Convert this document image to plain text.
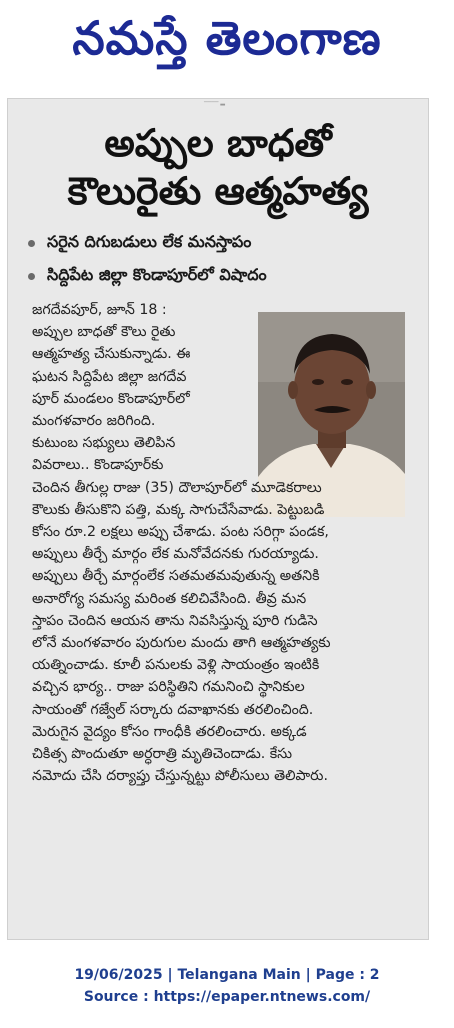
నమస్తే తెలంగాణ
──── ▂
అప్పుల బాధతో
కౌలురైతు ఆత్మహత్య
సరైన దిగుబడులు లేక మనస్తాపం
సిద్దిపేట జిల్లా కొండాపూర్‌లో విషాదం
జగదేవపూర్, జూన్ 18 :
అప్పుల బాధతో కౌలు రైతు
ఆత్మహత్య చేసుకున్నాడు. ఈ
ఘటన సిద్దిపేట జిల్లా జగదేవ
పూర్ మండలం కొండాపూర్‌లో
మంగళవారం జరిగింది.
కుటుంబ సభ్యులు తెలిపిన
వివరాలు.. కొండాపూర్‌కు
చెందిన తీగుల్ల రాజు (35) దౌలాపూర్‌లో మూడెకరాలు
కౌలుకు తీసుకొని పత్తి, మక్క సాగుచేసేవాడు. పెట్టుబడి
కోసం రూ.2 లక్షలు అప్పు చేశాడు. పంట సరిగ్గా పండక,
అప్పులు తీర్చే మార్గం లేక మనోవేదనకు గురయ్యాడు.
అప్పులు తీర్చే మార్గంలేక సతమతమవుతున్న అతనికి
అనారోగ్య సమస్య మరింత కలిచివేసింది. తీవ్ర మన
స్తాపం చెందిన ఆయన తాను నివసిస్తున్న పూరి గుడిసె
లోనే మంగళవారం పురుగుల మందు తాగి ఆత్మహత్యకు
యత్నించాడు. కూలీ పనులకు వెళ్లి సాయంత్రం ఇంటికి
వచ్చిన భార్య.. రాజు పరిస్థితిని గమనించి స్థానికుల
సాయంతో గజ్వేల్ సర్కారు దవాఖానకు తరలించింది.
మెరుగైన వైద్యం కోసం గాంధీకి తరలించారు. అక్కడ
చికిత్స పొందుతూ అర్ధరాత్రి మృతిచెందాడు. కేసు
నమోదు చేసి దర్యాప్తు చేస్తున్నట్టు పోలీసులు తెలిపారు.
19/06/2025 | Telangana Main | Page : 2
Source : https://epaper.ntnews.com/
